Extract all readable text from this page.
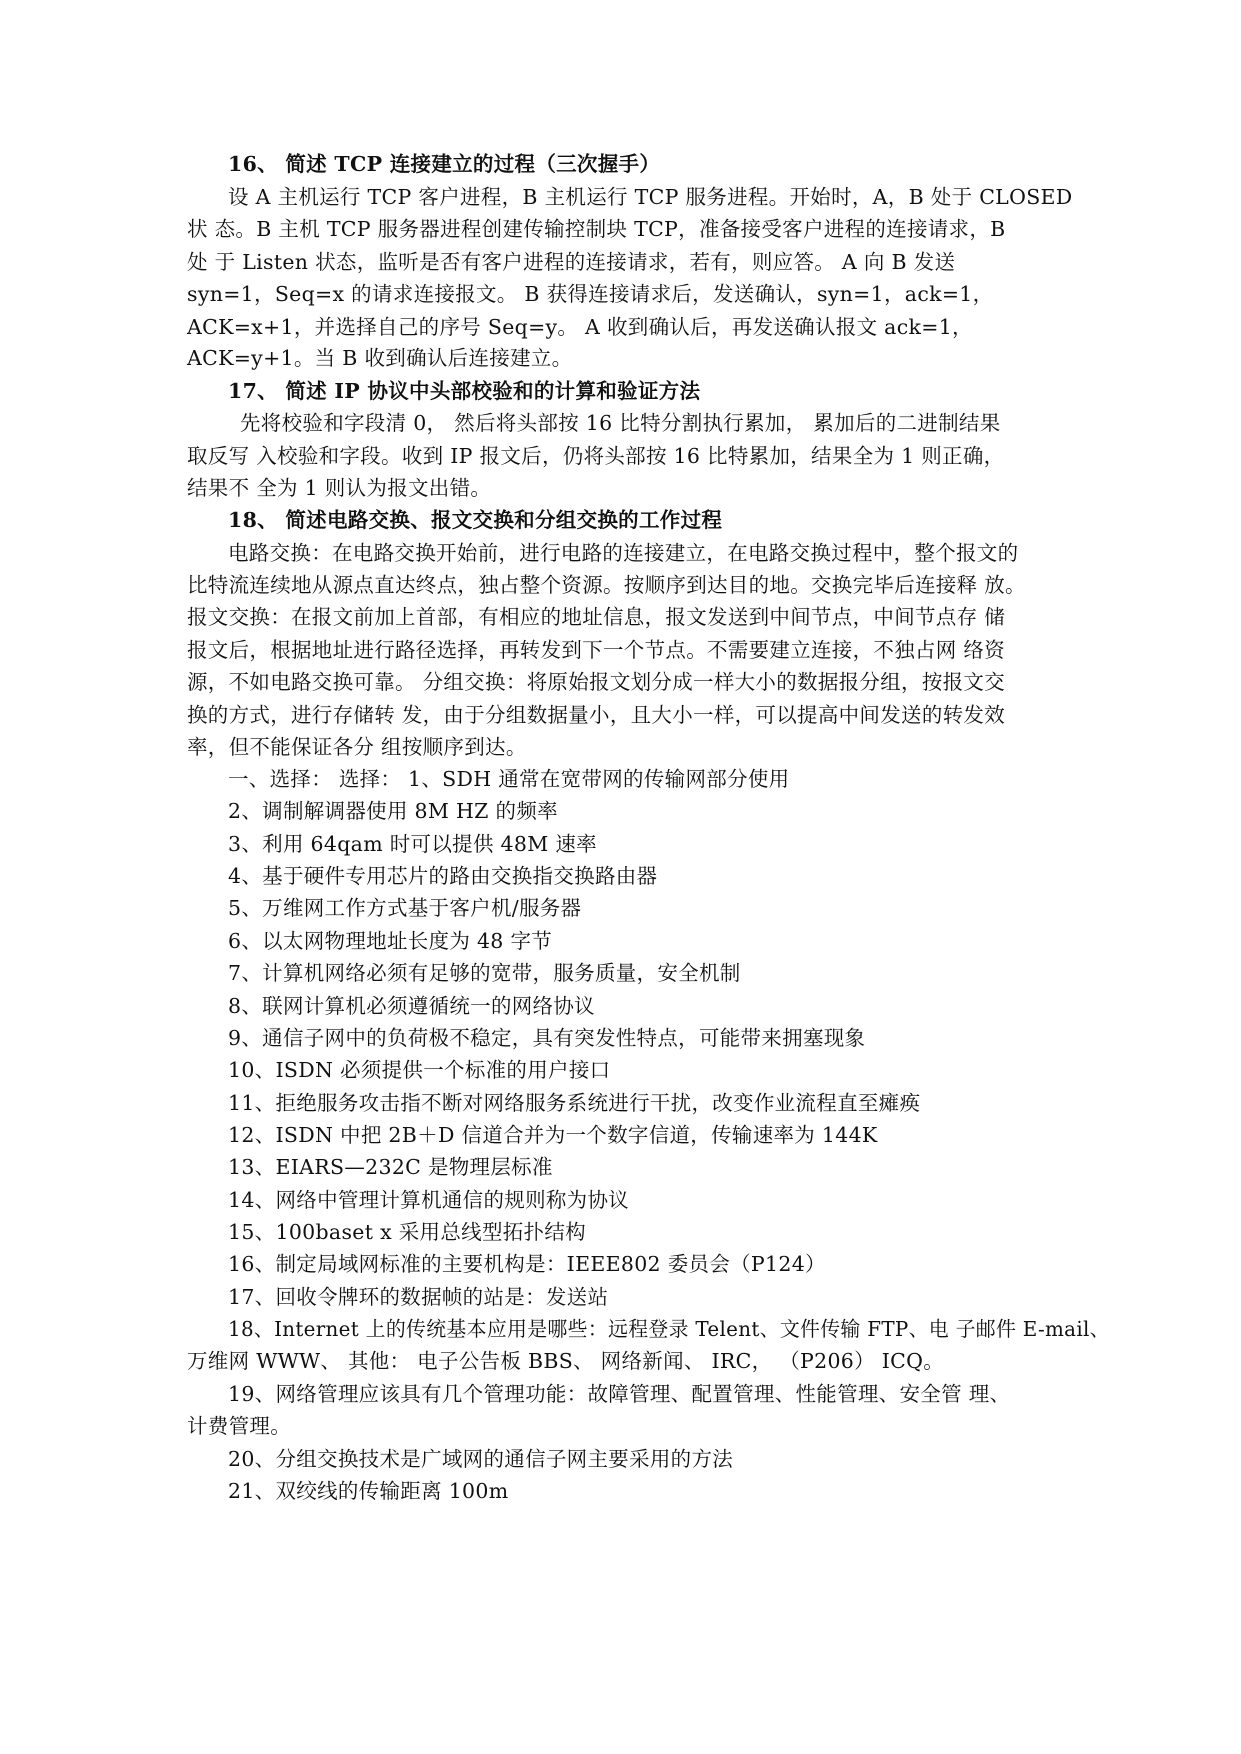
16、 简述 TCP 连接建立的过程（三次握手）
设 A 主机运行 TCP 客户进程，B 主机运行 TCP 服务进程。开始时，A，B 处于 CLOSED
状 态。B 主机 TCP 服务器进程创建传输控制块 TCP，准备接受客户进程的连接请求，B
处 于 Listen 状态，监听是否有客户进程的连接请求，若有，则应答。 A 向 B 发送
syn=1，Seq=x 的请求连接报文。 B 获得连接请求后，发送确认，syn=1，ack=1，
ACK=x+1，并选择自己的序号 Seq=y。 A 收到确认后，再发送确认报文 ack=1，
ACK=y+1。当 B 收到确认后连接建立。
17、 简述 IP 协议中头部校验和的计算和验证方法
先将校验和字段清 0， 然后将头部按 16 比特分割执行累加， 累加后的二进制结果
取反写 入校验和字段。收到 IP 报文后，仍将头部按 16 比特累加，结果全为 1 则正确，
结果不 全为 1 则认为报文出错。
18、 简述电路交换、报文交换和分组交换的工作过程
电路交换：在电路交换开始前，进行电路的连接建立，在电路交换过程中，整个报文的
比特流连续地从源点直达终点，独占整个资源。按顺序到达目的地。交换完毕后连接释 放。
报文交换：在报文前加上首部，有相应的地址信息，报文发送到中间节点，中间节点存 储
报文后，根据地址进行路径选择，再转发到下一个节点。不需要建立连接，不独占网 络资
源，不如电路交换可靠。 分组交换：将原始报文划分成一样大小的数据报分组，按报文交
换的方式，进行存储转 发，由于分组数据量小，且大小一样，可以提高中间发送的转发效
率，但不能保证各分 组按顺序到达。
一、选择： 选择： 1、SDH 通常在宽带网的传输网部分使用
2、调制解调器使用 8M HZ 的频率
3、利用 64qam 时可以提供 48M 速率
4、基于硬件专用芯片的路由交换指交换路由器
5、万维网工作方式基于客户机/服务器
6、以太网物理地址长度为 48 字节
7、计算机网络必须有足够的宽带，服务质量，安全机制
8、联网计算机必须遵循统一的网络协议
9、通信子网中的负荷极不稳定，具有突发性特点，可能带来拥塞现象
10、ISDN 必须提供一个标准的用户接口
11、拒绝服务攻击指不断对网络服务系统进行干扰，改变作业流程直至瘫痪
12、ISDN 中把 2B＋D 信道合并为一个数字信道，传输速率为 144K
13、EIARS—232C 是物理层标准
14、网络中管理计算机通信的规则称为协议
15、100baset x 采用总线型拓扑结构
16、制定局域网标准的主要机构是：IEEE802 委员会（P124）
17、回收令牌环的数据帧的站是：发送站
18、Internet 上的传统基本应用是哪些：远程登录 Telent、文件传输 FTP、电 子邮件 E-mail、
万维网 WWW、 其他： 电子公告板 BBS、 网络新闻、 IRC， （P206） ICQ。
19、网络管理应该具有几个管理功能：故障管理、配置管理、性能管理、安全管 理、
计费管理。
20、分组交换技术是广域网的通信子网主要采用的方法
21、双绞线的传输距离 100m
